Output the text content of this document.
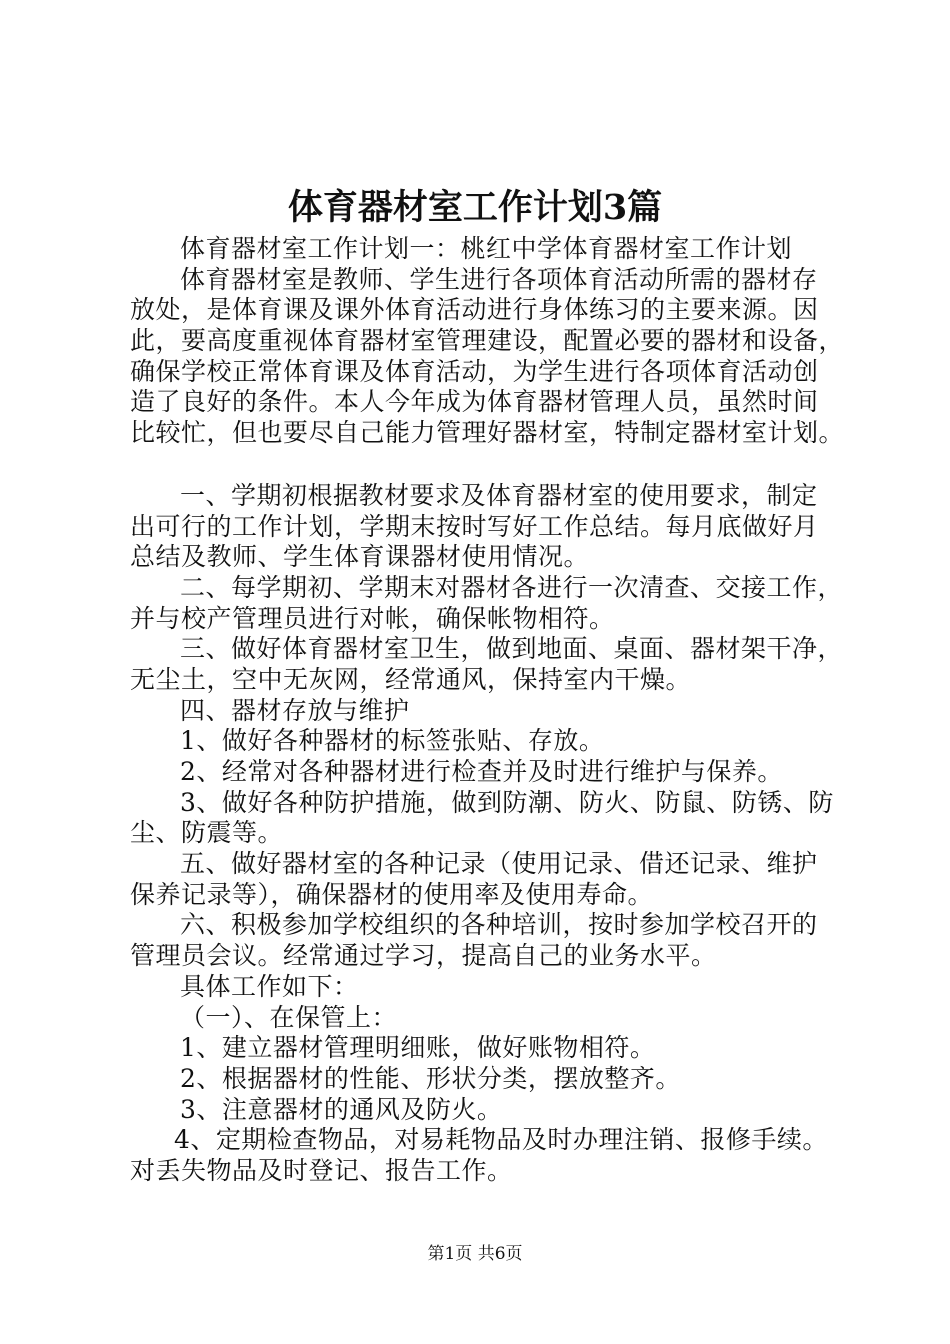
体育器材室工作计划3篇
体育器材室工作计划一：桃红中学体育器材室工作计划
体育器材室是教师、学生进行各项体育活动所需的器材存
放处，是体育课及课外体育活动进行身体练习的主要来源。因
此，要高度重视体育器材室管理建设，配置必要的器材和设备，
确保学校正常体育课及体育活动，为学生进行各项体育活动创
造了良好的条件。本人今年成为体育器材管理人员，虽然时间
比较忙，但也要尽自己能力管理好器材室，特制定器材室计划。
一、学期初根据教材要求及体育器材室的使用要求，制定
出可行的工作计划，学期末按时写好工作总结。每月底做好月
总结及教师、学生体育课器材使用情况。
二、每学期初、学期末对器材各进行一次清查、交接工作，
并与校产管理员进行对帐，确保帐物相符。
三、做好体育器材室卫生，做到地面、桌面、器材架干净，
无尘土，空中无灰网，经常通风，保持室内干燥。
四、器材存放与维护
1、做好各种器材的标签张贴、存放。
2、经常对各种器材进行检查并及时进行维护与保养。
3、做好各种防护措施，做到防潮、防火、防鼠、防锈、防
尘、防震等。
五、做好器材室的各种记录（使用记录、借还记录、维护
保养记录等），确保器材的使用率及使用寿命。
六、积极参加学校组织的各种培训，按时参加学校召开的
管理员会议。经常通过学习，提高自己的业务水平。
具体工作如下：
（一）、在保管上：
1、建立器材管理明细账，做好账物相符。
2、根据器材的性能、形状分类，摆放整齐。
3、注意器材的通风及防火。
4、定期检查物品，对易耗物品及时办理注销、报修手续。
对丢失物品及时登记、报告工作。
第1页 共6页
